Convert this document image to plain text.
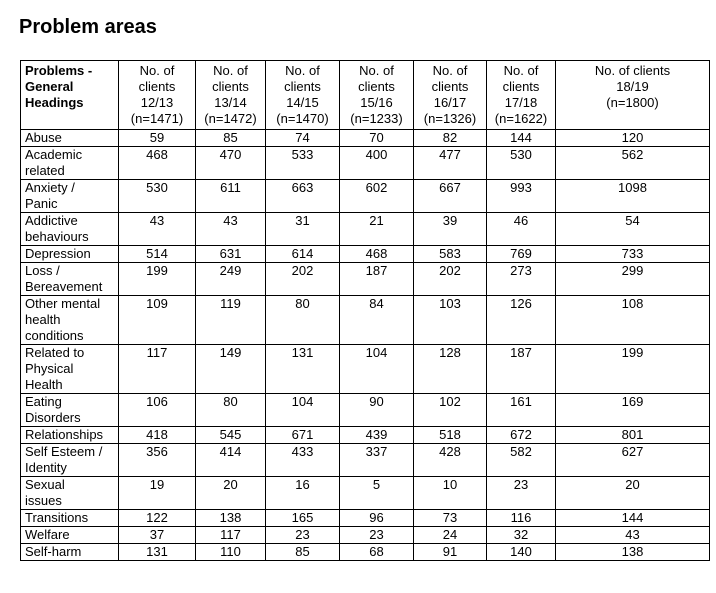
Problem areas
Problems -
General
Headings	No. of
clients
12/13
(n=1471)	No. of
clients
13/14
(n=1472)	No. of
clients
14/15
(n=1470)	No. of
clients
15/16
(n=1233)	No. of
clients
16/17
(n=1326)	No. of
clients
17/18
(n=1622)	No. of clients
18/19
(n=1800)

Abuse	59	85	74	70	82	144	120

Academic
related	468	470	533	400	477	530	562

Anxiety /
Panic	530	611	663	602	667	993	1098

Addictive
behaviours	43	43	31	21	39	46	54

Depression	514	631	614	468	583	769	733

Loss /
Bereavement	199	249	202	187	202	273	299

Other mental
health
conditions	109	119	80	84	103	126	108

Related to
Physical
Health	117	149	131	104	128	187	199

Eating
Disorders	106	80	104	90	102	161	169

Relationships	418	545	671	439	518	672	801

Self Esteem /
Identity	356	414	433	337	428	582	627

Sexual
issues	19	20	16	5	10	23	20

Transitions	122	138	165	96	73	116	144

Welfare	37	117	23	23	24	32	43

Self-harm	131	110	85	68	91	140	138
